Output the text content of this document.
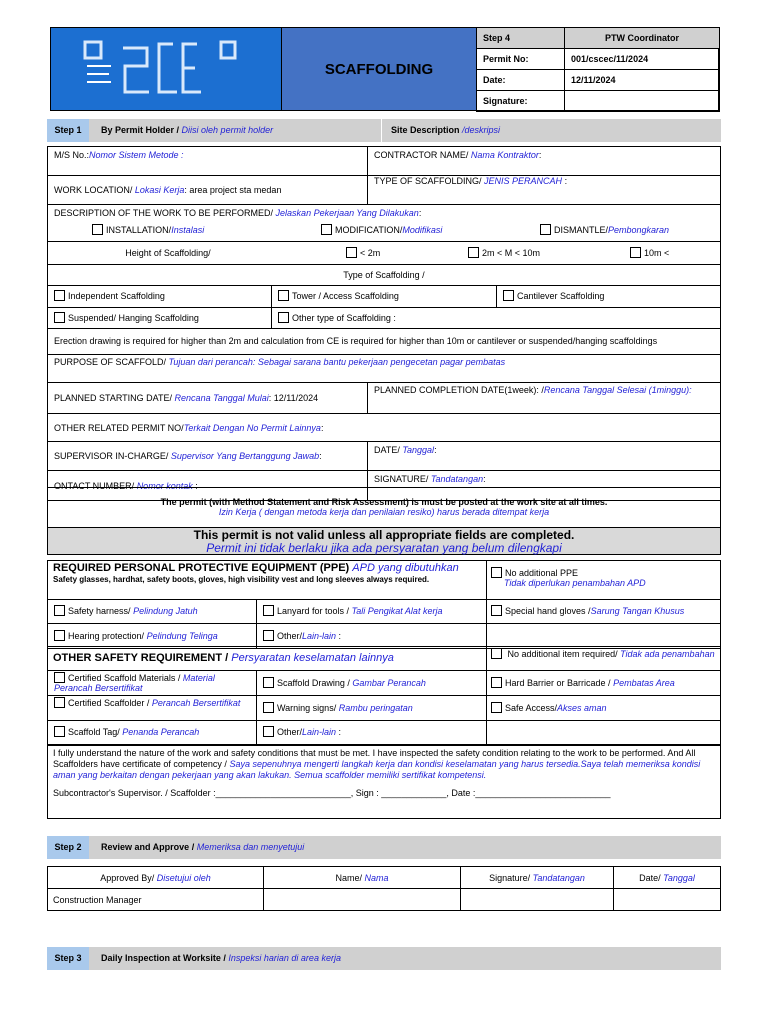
SCAFFOLDING
Step 4	PTW Coordinator
Permit No:	001/cscec/11/2024
Date:	12/11/2024
Signature:	
Step 1	By Permit Holder / Diisi oleh permit holder	Site Description /deskripsi
M/S No.:Nomor Sistem Metode :	CONTRACTOR NAME/ Nama Kontraktor:
WORK LOCATION/ Lokasi Kerja: area project sta medan
TYPE OF SCAFFOLDING/ JENIS PERANCAH :
DESCRIPTION OF THE WORK TO BE PERFORMED/ Jelaskan Pekerjaan Yang Dilakukan:
INSTALLATION/Instalasi	MODIFICATION/Modifikasi	DISMANTLE/Pembongkaran
Height of Scaffolding/	< 2m	2m < M < 10m	10m <
Type of Scaffolding /
Independent Scaffolding	Tower / Access Scaffolding	Cantilever Scaffolding
Suspended/ Hanging Scaffolding	Other type of Scaffolding :
Erection drawing is required for higher than 2m and calculation from CE is required for higher than 10m or cantilever or suspended/hanging scaffoldings
PURPOSE OF SCAFFOLD/ Tujuan dari perancah: Sebagai sarana bantu pekerjaan pengecetan pagar pembatas
PLANNED STARTING DATE/ Rencana Tanggal Mulai: 12/11/2024
PLANNED COMPLETION DATE(1week): /Rencana Tanggal Selesai (1minggu):
OTHER RELATED PERMIT NO/Terkait Dengan No Permit Lainnya:
SUPERVISOR IN-CHARGE/ Supervisor Yang Bertanggung Jawab:
DATE/ Tanggal:
ONTACT NUMBER/ Nomor kontak :
SIGNATURE/ Tandatangan:
The permit (with Method Statement and Risk Assessment) is must be posted at the work site at all times.
Izin Kerja ( dengan metoda kerja dan penilaian resiko) harus berada ditempat kerja
This permit is not valid unless all appropriate fields are completed.
Permit ini tidak berlaku jika ada persyaratan yang belum dilengkapi
REQUIRED PERSONAL PROTECTIVE EQUIPMENT (PPE) APD yang dibutuhkan
Safety glasses, hardhat, safety boots, gloves, high visibility vest and long sleeves always required.
No additional PPE
Tidak diperlukan penambahan APD
Safety harness/ Pelindung Jatuh	Lanyard for tools / Tali Pengikat Alat kerja	Special hand gloves /Sarung Tangan Khusus
Hearing protection/ Pelindung Telinga	Other/Lain-lain :
OTHER SAFETY REQUIREMENT / Persyaratan keselamatan lainnya	No additional item required/ Tidak ada penambahan
Certified Scaffold Materials / Material Perancah Bersertifikat	Scaffold Drawing / Gambar Perancah	Hard Barrier or Barricade / Pembatas Area
Certified Scaffolder / Perancah Bersertifikat	Warning signs/ Rambu peringatan	Safe Access/Akses aman
Scaffold Tag/ Penanda Perancah	Other/Lain-lain :
I fully understand the nature of the work and safety conditions that must be met. I have inspected the safety condition relating to the work to be performed. And All Scaffolders have certificate of competency / Saya sepenuhnya mengerti langkah kerja dan kondisi keselamatan yang harus tersedia.Saya telah memeriksa kondisi aman yang berkaitan dengan pekerjaan yang akan lakukan. Semua scaffolder memiliki sertifikat kompetensi.
Subcontractor's Supervisor. / Scaffolder :___________________________, Sign : _____________, Date :___________________________
Step 2	Review and Approve / Memeriksa dan menyetujui
Approved By/ Disetujui oleh	Name/ Nama	Signature/ Tandatangan	Date/ Tanggal
Construction Manager			
Step 3	Daily Inspection at Worksite / Inspeksi harian di area kerja
